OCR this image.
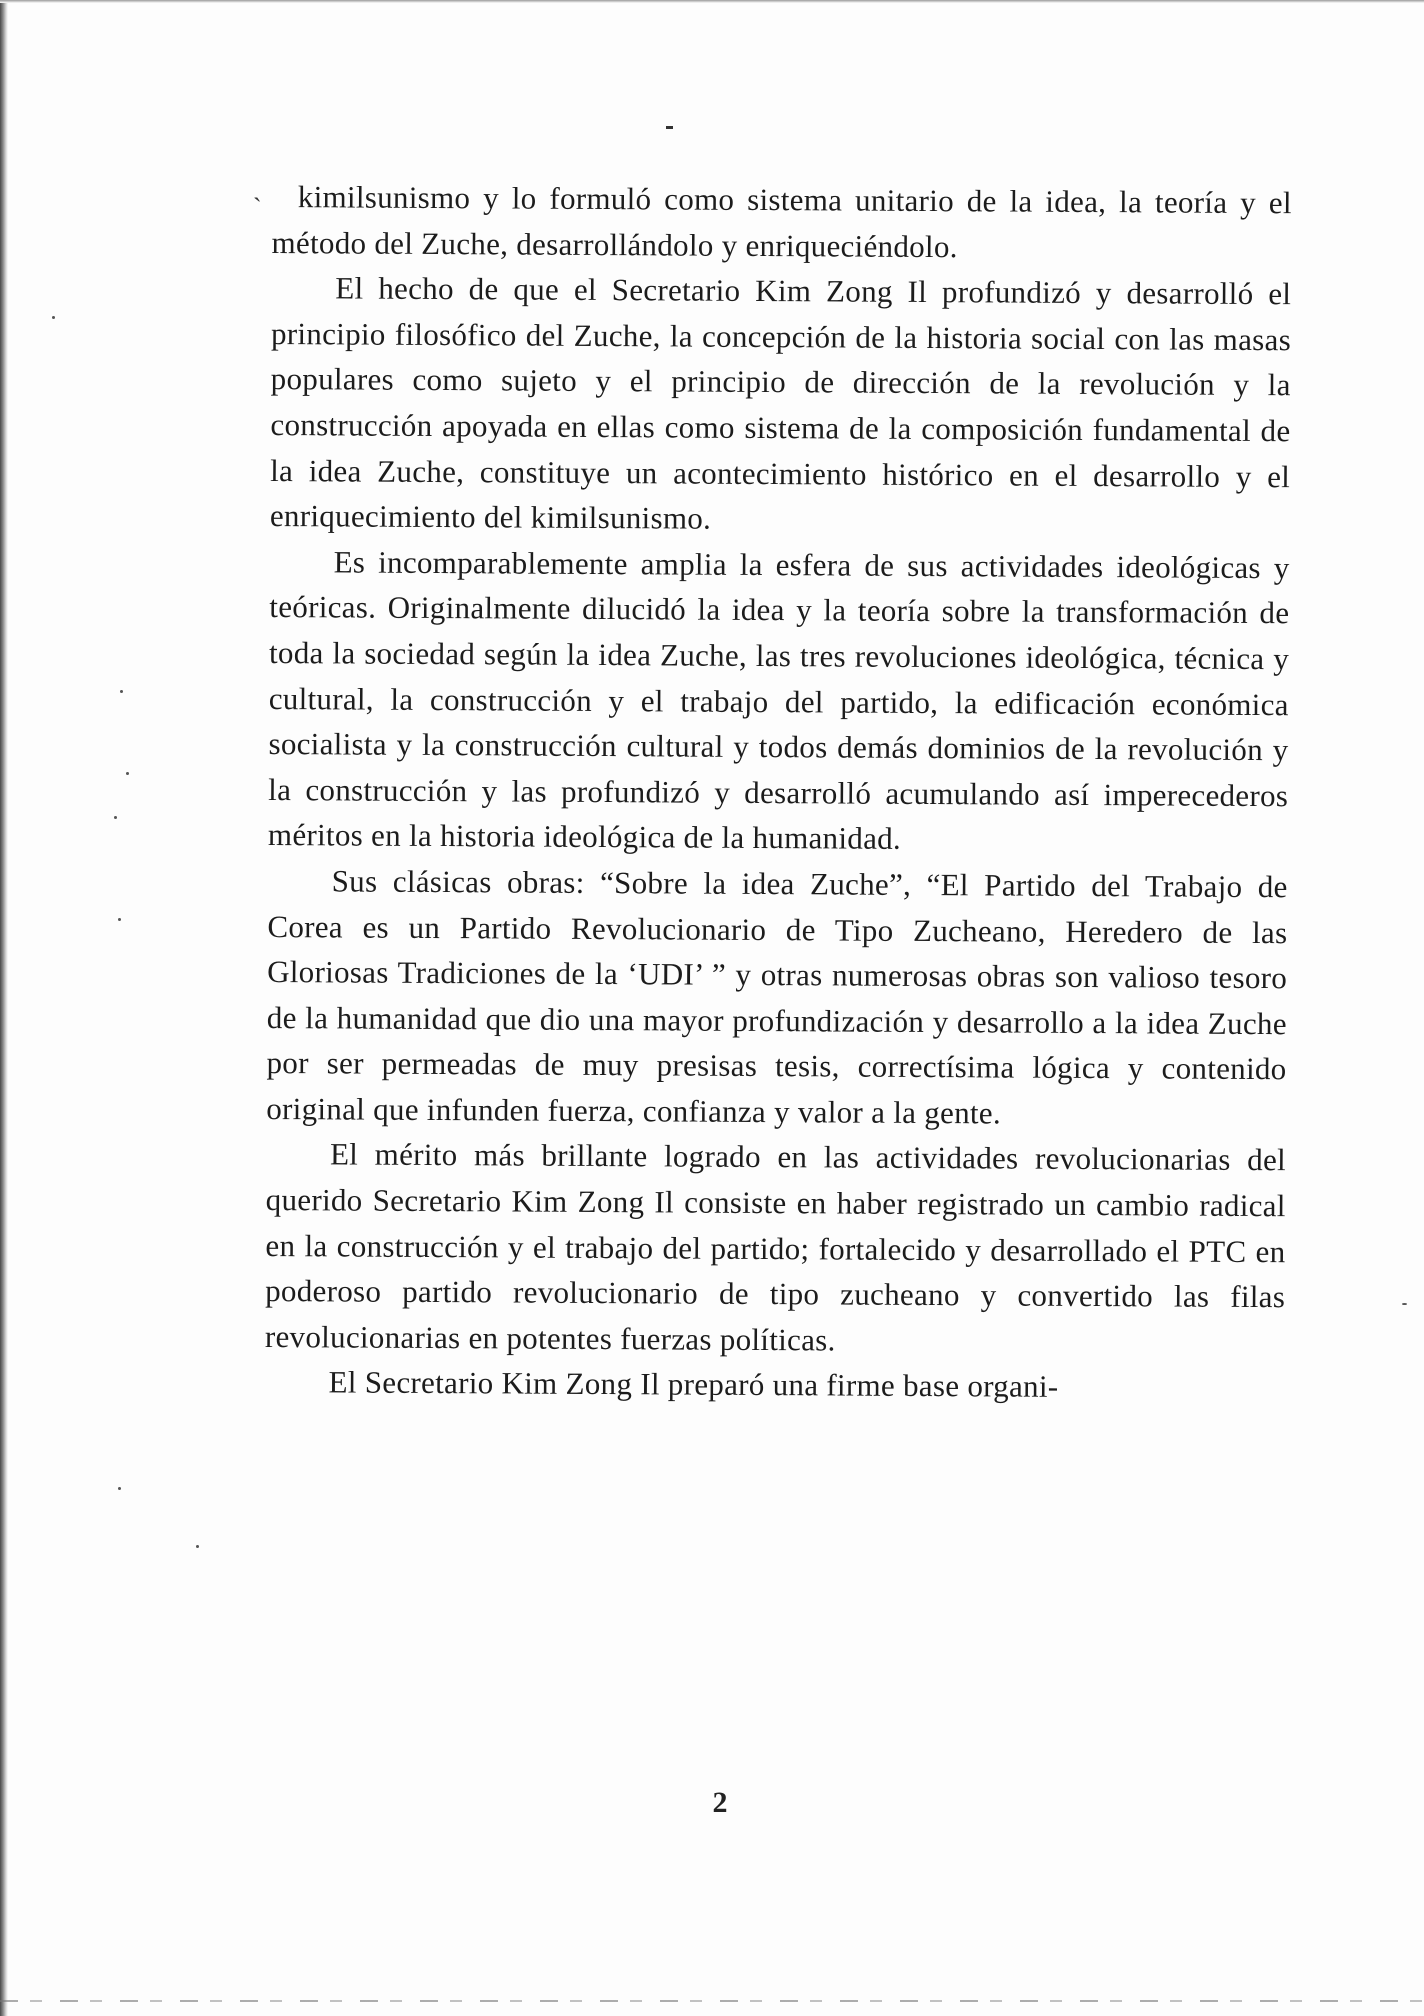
ˎ	kimilsunismo y lo formuló como sistema unitario de la idea, la teoría y el método del Zuche, desarrollándolo y enriqueciéndolo.

El hecho de que el Secretario Kim Zong Il profundizó y desarrolló el principio filosófico del Zuche, la concepción de la historia social con las masas populares como sujeto y el principio de dirección de la revolución y la construcción apoyada en ellas como sistema de la composición fundamental de la idea Zuche, constituye un acontecimiento histórico en el desarrollo y el enriquecimiento del kimilsunismo.

Es incomparablemente amplia la esfera de sus actividades ideológicas y teóricas. Originalmente dilucidó la idea y la teoría sobre la transformación de toda la sociedad según la idea Zuche, las tres revoluciones ideológica, técnica y cultural, la construcción y el trabajo del partido, la edificación económica socialista y la construcción cultural y todos demás dominios de la revolución y la construcción y las profundizó y desarrolló acumulando así imperecederos méritos en la historia ideológica de la humanidad.

Sus clásicas obras: “Sobre la idea Zuche”, “El Partido del Trabajo de Corea es un Partido Revolucionario de Tipo Zucheano, Heredero de las Gloriosas Tradiciones de la ‘UDI’ ” y otras numerosas obras son valioso tesoro de la humanidad que dio una mayor profundización y desarrollo a la idea Zuche por ser permeadas de muy presisas tesis, correctísima lógica y contenido original que infunden fuerza, confianza y valor a la gente.

El mérito más brillante logrado en las actividades revolucionarias del querido Secretario Kim Zong Il consiste en haber registrado un cambio radical en la construcción y el trabajo del partido; fortalecido y desarrollado el PTC en poderoso partido revolucionario de tipo zucheano y convertido las filas revolucionarias en potentes fuerzas políticas.

El Secretario Kim Zong Il preparó una firme base organi-

2
